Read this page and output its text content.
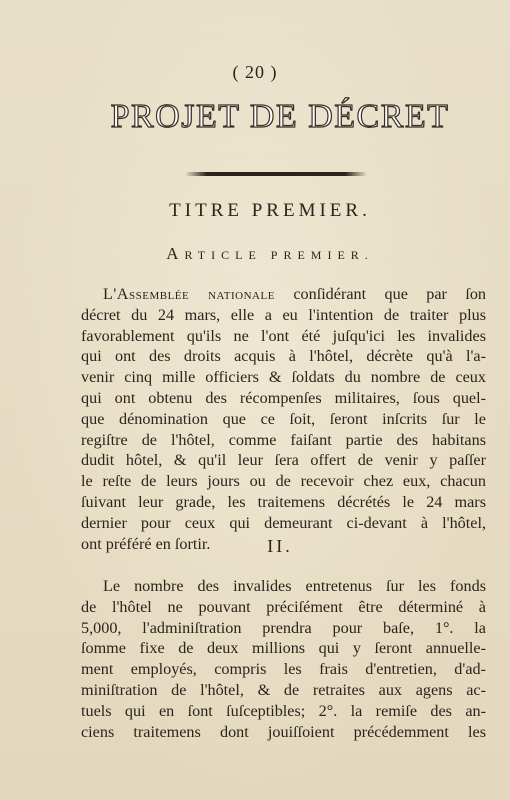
( 20 )
PROJET DE DÉCRET
TITRE PREMIER.
ARTICLE PREMIER.
L'Assemblée nationale conſidérant que par ſon
décret du 24 mars, elle a eu l'intention de traiter plus
favorablement qu'ils ne l'ont été juſqu'ici les invalides
qui ont des droits acquis à l'hôtel, décrète qu'à l'a-
venir cinq mille officiers & ſoldats du nombre de ceux
qui ont obtenu des récompenſes militaires, ſous quel-
que dénomination que ce ſoit, ſeront inſcrits ſur le
regiſtre de l'hôtel, comme faiſant partie des habitans
dudit hôtel, & qu'il leur ſera offert de venir y paſſer
le reſte de leurs jours ou de recevoir chez eux, chacun
ſuivant leur grade, les traitemens décrétés le 24 mars
dernier pour ceux qui demeurant ci-devant à l'hôtel,
ont préféré en ſortir.	II.
Le nombre des invalides entretenus ſur les fonds
de l'hôtel ne pouvant préciſément être déterminé à
5,000, l'adminiſtration prendra pour baſe, 1°. la
ſomme fixe de deux millions qui y ſeront annuelle-
ment employés, compris les frais d'entretien, d'ad-
miniſtration de l'hôtel, & de retraites aux agens ac-
tuels qui en ſont ſuſceptibles; 2°. la remiſe des an-
ciens traitemens dont jouiſſoient précédemment les
